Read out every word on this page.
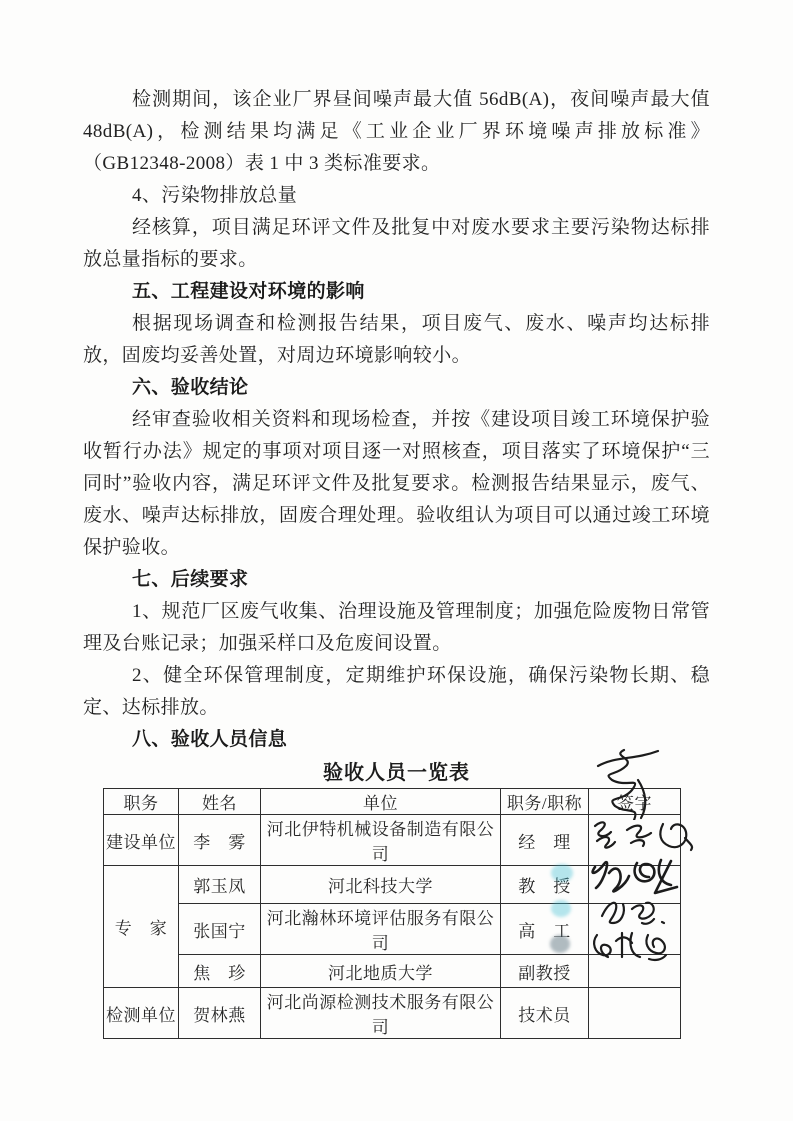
检测期间，该企业厂界昼间噪声最大值 56dB(A)，夜间噪声最大值 48dB(A)，检测结果均满足《工业企业厂界环境噪声排放标准》（GB12348-2008）表 1 中 3 类标准要求。

4、污染物排放总量

经核算，项目满足环评文件及批复中对废水要求主要污染物达标排放总量指标的要求。

五、工程建设对环境的影响

根据现场调查和检测报告结果，项目废气、废水、噪声均达标排放，固废均妥善处置，对周边环境影响较小。

六、验收结论

经审查验收相关资料和现场检查，并按《建设项目竣工环境保护验收暂行办法》规定的事项对项目逐一对照核查，项目落实了环境保护“三同时”验收内容，满足环评文件及批复要求。检测报告结果显示，废气、废水、噪声达标排放，固废合理处理。验收组认为项目可以通过竣工环境保护验收。

七、后续要求

1、规范厂区废气收集、治理设施及管理制度；加强危险废物日常管理及台账记录；加强采样口及危废间设置。

2、健全环保管理制度，定期维护环保设施，确保污染物长期、稳定、达标排放。

八、验收人员信息

验收人员一览表
职务	姓名	单位	职务/职称	签字
建设单位	李　雾	河北伊特机械设备制造有限公司	经　理	
专　家	郭玉凤	河北科技大学	教　授	
	张国宁	河北瀚林环境评估服务有限公司	高　工	
	焦　珍	河北地质大学	副教授	
检测单位	贺林燕	河北尚源检测技术服务有限公司	技术员	
